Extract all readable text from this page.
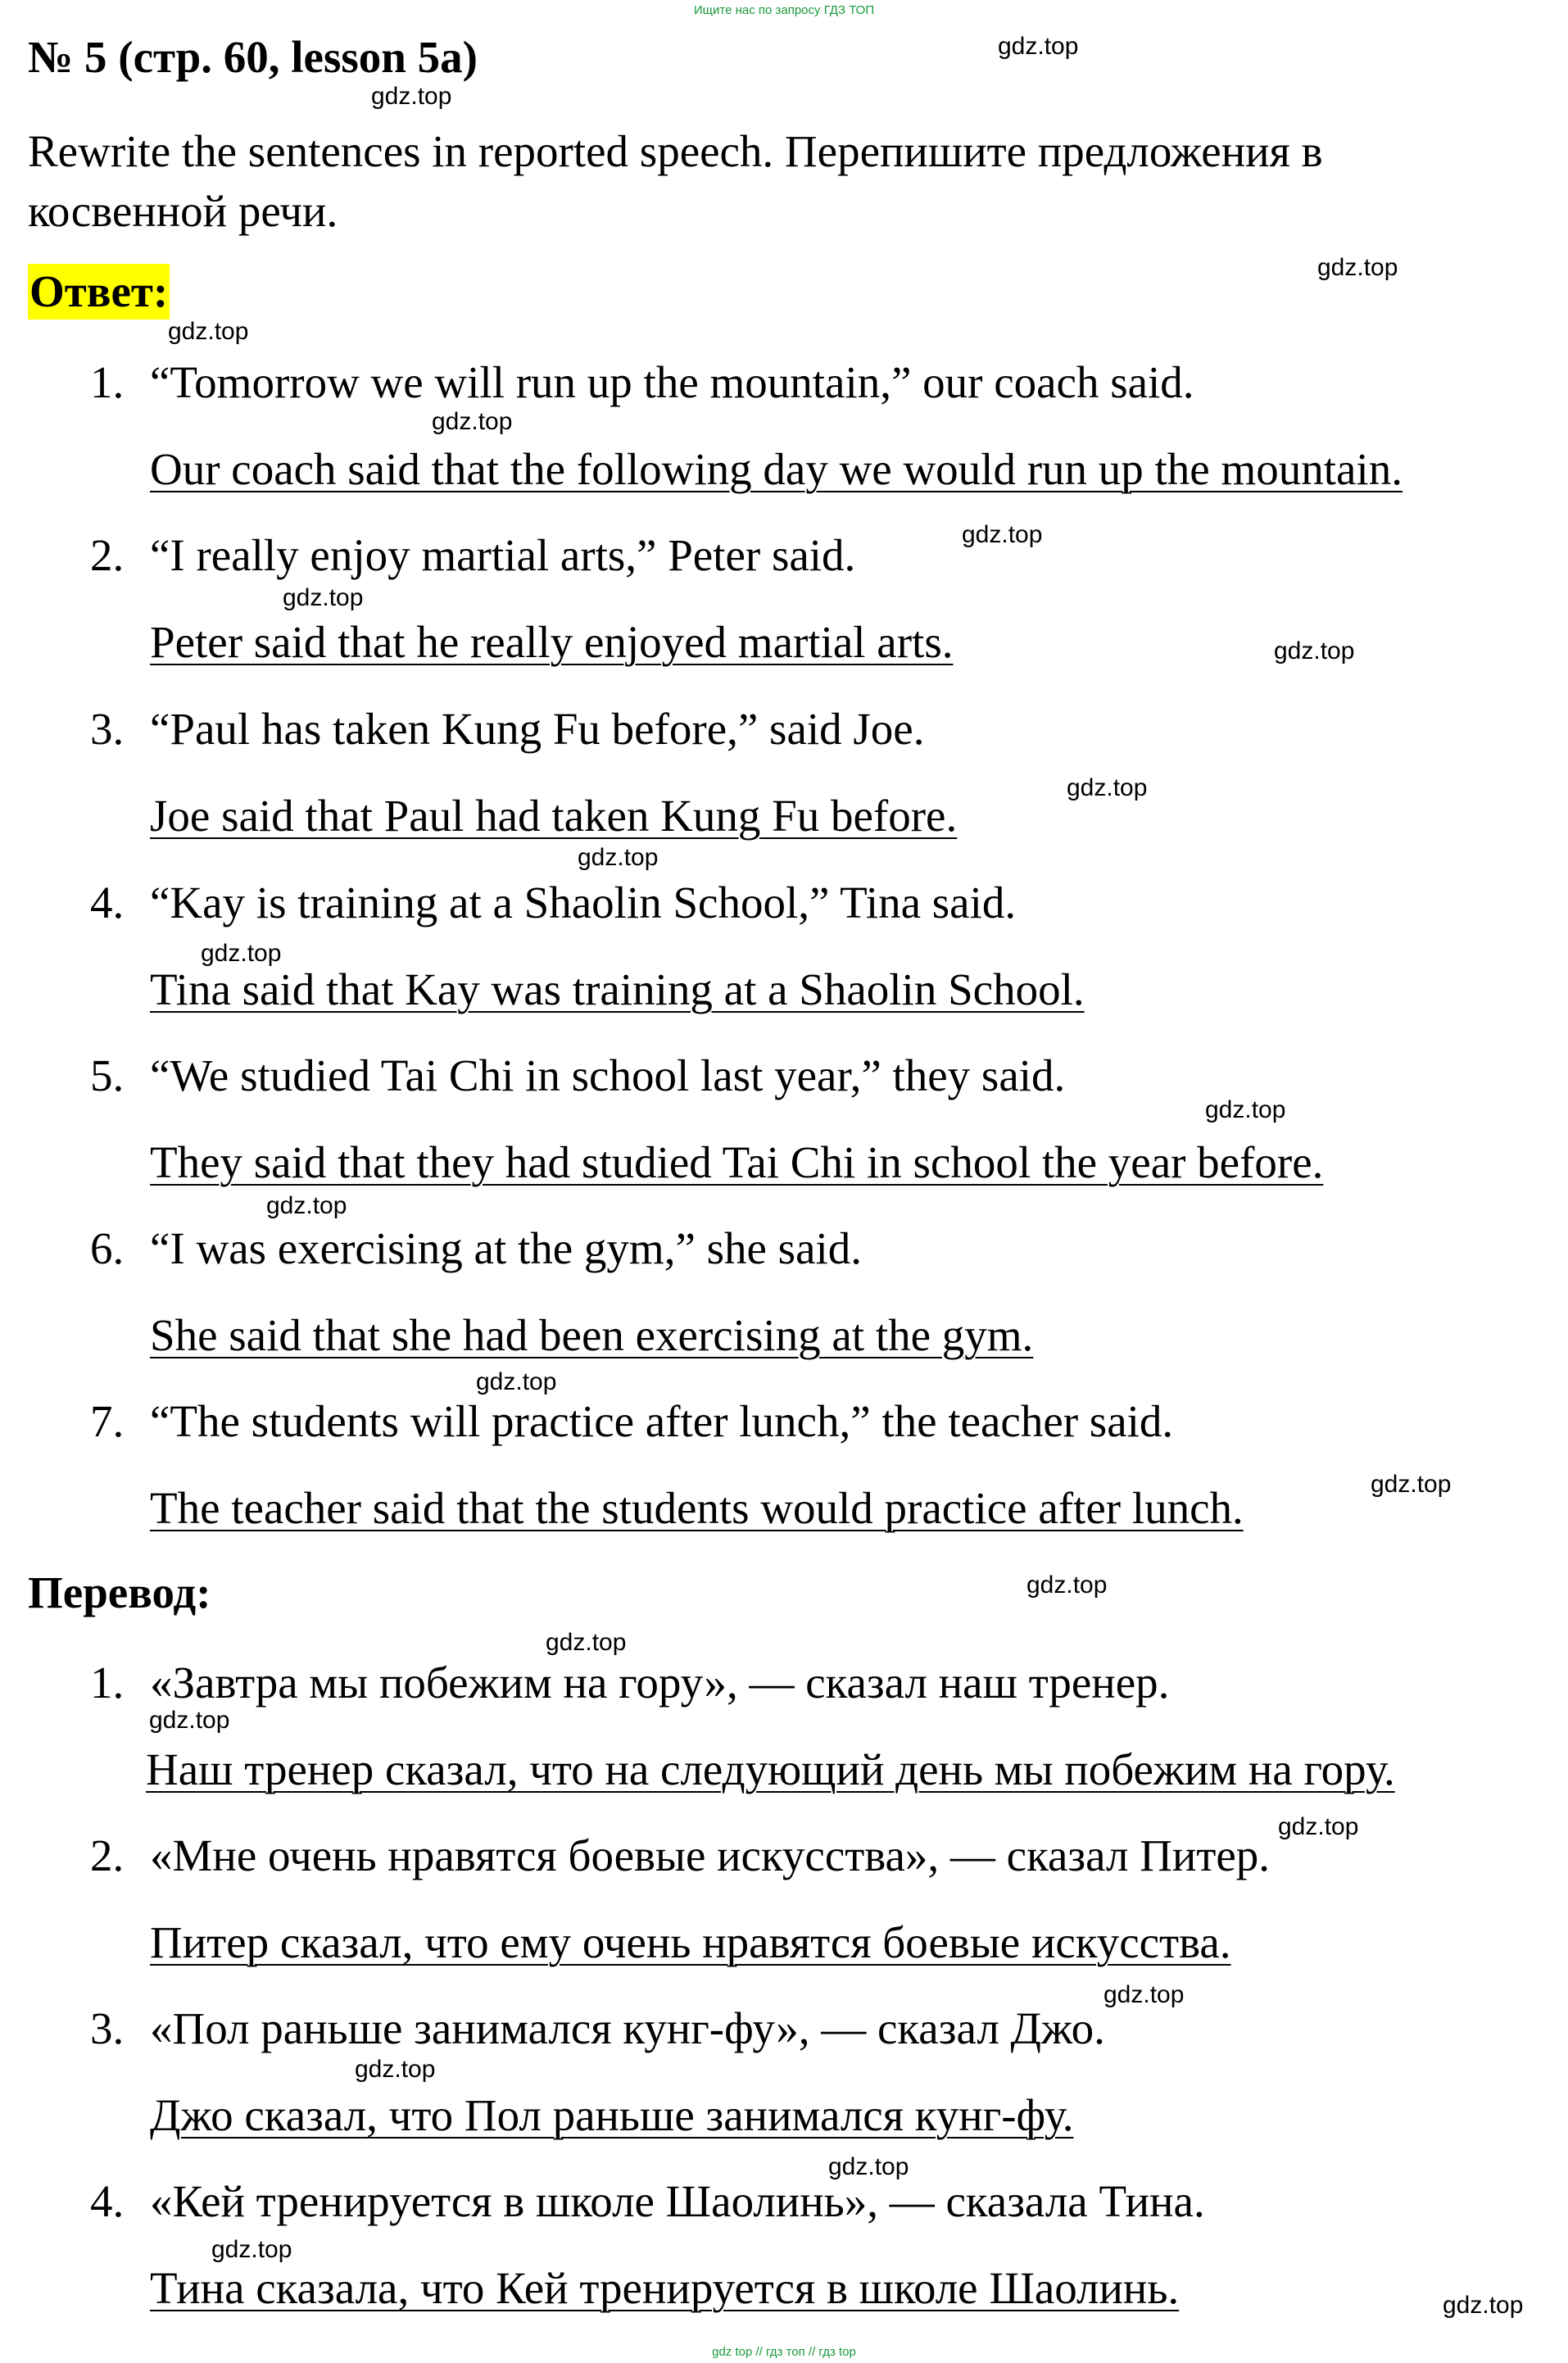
Ищите нас по запросу ГДЗ ТОП
№ 5 (стр. 60, lesson 5a)
Rewrite the sentences in reported speech. Перепишите предложения в косвенной речи.
Ответ:
1. “Tomorrow we will run up the mountain,” our coach said.
Our coach said that the following day we would run up the mountain.
2. “I really enjoy martial arts,” Peter said.
Peter said that he really enjoyed martial arts.
3. “Paul has taken Kung Fu before,” said Joe.
Joe said that Paul had taken Kung Fu before.
4. “Kay is training at a Shaolin School,” Tina said.
Tina said that Kay was training at a Shaolin School.
5. “We studied Tai Chi in school last year,” they said.
They said that they had studied Tai Chi in school the year before.
6. “I was exercising at the gym,” she said.
She said that she had been exercising at the gym.
7. “The students will practice after lunch,” the teacher said.
The teacher said that the students would practice after lunch.
Перевод:
1. «Завтра мы побежим на гору», — сказал наш тренер.
Наш тренер сказал, что на следующий день мы побежим на гору.
2. «Мне очень нравятся боевые искусства», — сказал Питер.
Питер сказал, что ему очень нравятся боевые искусства.
3. «Пол раньше занимался кунг-фу», — сказал Джо.
Джо сказал, что Пол раньше занимался кунг-фу.
4. «Кей тренируется в школе Шаолинь», — сказала Тина.
Тина сказала, что Кей тренируется в школе Шаолинь.
gdz.top
gdz.top
gdz.top
gdz.top
gdz.top
gdz.top
gdz.top
gdz.top
gdz.top
gdz.top
gdz.top
gdz.top
gdz.top
gdz.top
gdz.top
gdz.top
gdz.top
gdz.top
gdz.top
gdz.top
gdz.top
gdz.top
gdz.top
gdz.top
gdz top // гдз топ // гдз top
